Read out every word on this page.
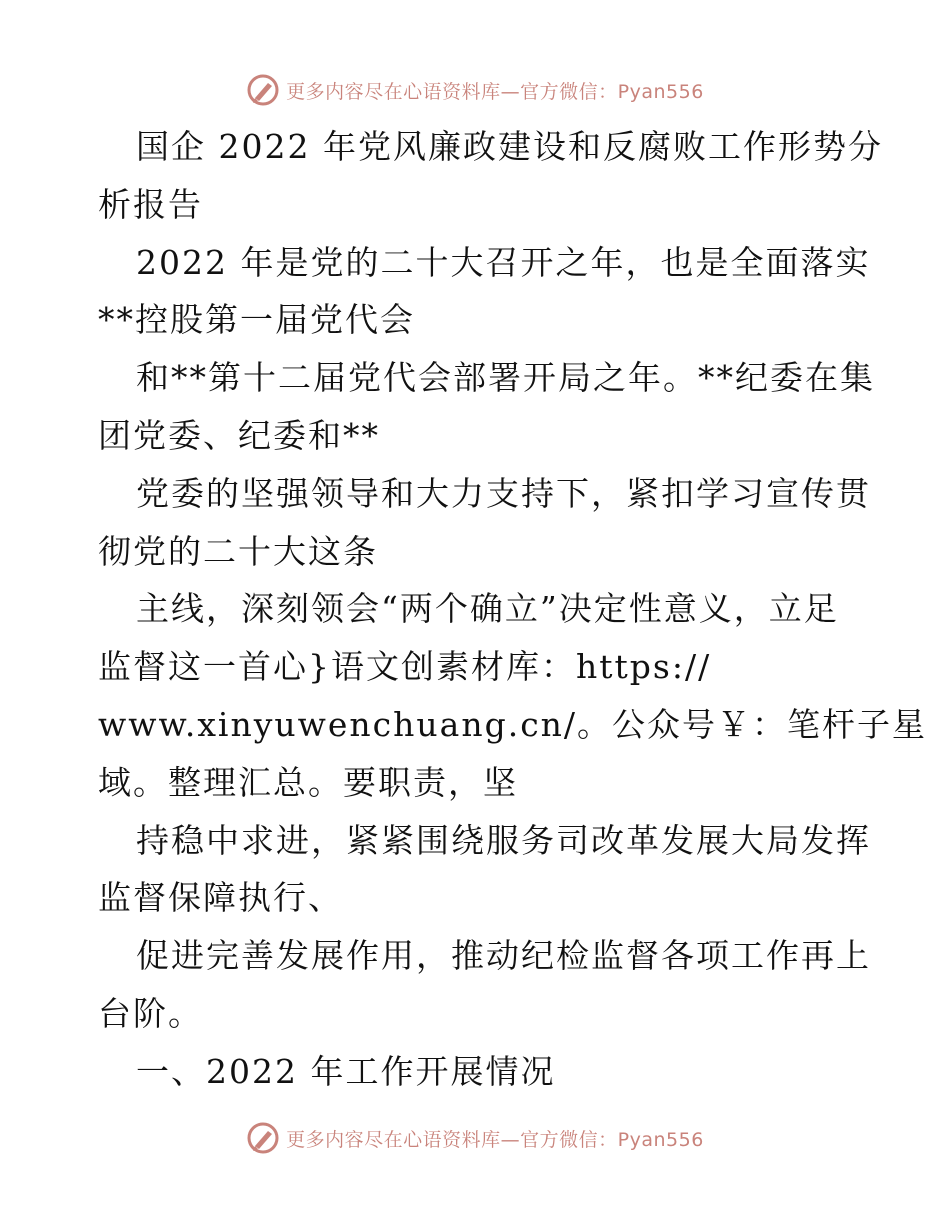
更多内容尽在心语资料库—官方微信：Pyan556
国企 2022 年党风廉政建设和反腐败工作形势分
析报告
2022 年是党的二十大召开之年，也是全面落实
**控股第一届党代会
和**第十二届党代会部署开局之年。**纪委在集
团党委、纪委和**
党委的坚强领导和大力支持下，紧扣学习宣传贯
彻党的二十大这条
主线，深刻领会“两个确立”决定性意义，立足
监督这一首心}语文创素材库：https://
www.xinyuwenchuang.cn/。公众号￥：笔杆子星
域。整理汇总。要职责，坚
持稳中求进，紧紧围绕服务司改革发展大局发挥
监督保障执行、
促进完善发展作用，推动纪检监督各项工作再上
台阶。
一、2022 年工作开展情况
更多内容尽在心语资料库—官方微信：Pyan556
